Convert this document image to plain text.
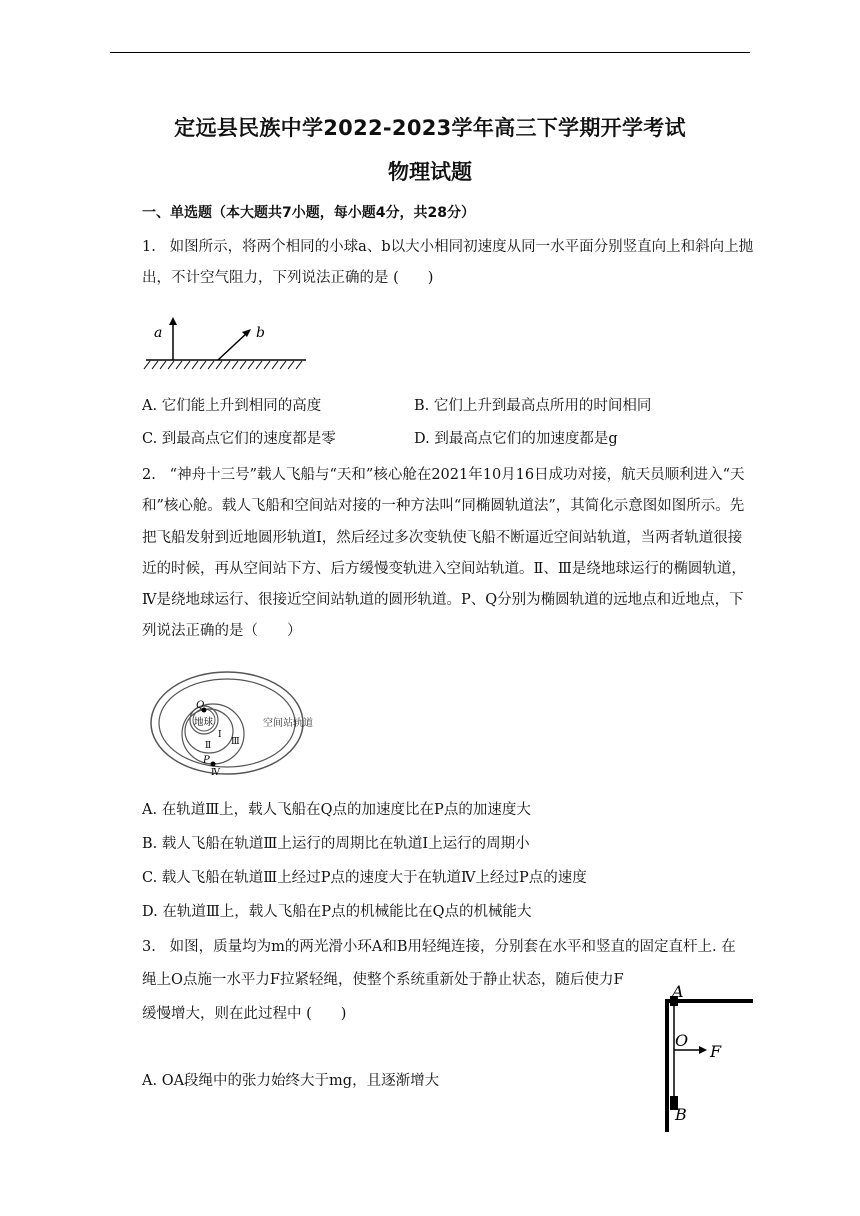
定远县民族中学2022-2023学年高三下学期开学考试
物理试题
一、单选题（本大题共7小题，每小题4分，共28分）
1. 如图所示，将两个相同的小球a、b以大小相同初速度从同一水平面分别竖直向上和斜向上抛出，不计空气阻力，下列说法正确的是 (　　)
a	b
A. 它们能上升到相同的高度	B. 它们上升到最高点所用的时间相同
C. 到最高点它们的速度都是零	D. 到最高点它们的加速度都是g
2. “神舟十三号”载人飞船与“天和”核心舱在2021年10月16日成功对接，航天员顺利进入“天和”核心舱。载人飞船和空间站对接的一种方法叫“同椭圆轨道法”，其简化示意图如图所示。先把飞船发射到近地圆形轨道Ⅰ，然后经过多次变轨使飞船不断逼近空间站轨道，当两者轨道很接近的时候，再从空间站下方、后方缓慢变轨进入空间站轨道。Ⅱ、Ⅲ是绕地球运行的椭圆轨道，Ⅳ是绕地球运行、很接近空间站轨道的圆形轨道。P、Q分别为椭圆轨道的远地点和近地点，下列说法正确的是（　　）
Q
地球
Ⅰ
Ⅱ Ⅲ
P
Ⅳ
空间站轨道
A. 在轨道Ⅲ上，载人飞船在Q点的加速度比在P点的加速度大
B. 载人飞船在轨道Ⅲ上运行的周期比在轨道Ⅰ上运行的周期小
C. 载人飞船在轨道Ⅲ上经过P点的速度大于在轨道Ⅳ上经过P点的速度
D. 在轨道Ⅲ上，载人飞船在P点的机械能比在Q点的机械能大
3. 如图，质量均为m的两光滑小环A和B用轻绳连接，分别套在水平和竖直的固定直杆上. 在
绳上O点施一水平力F拉紧轻绳，使整个系统重新处于静止状态，随后使力F
缓慢增大，则在此过程中 (　　)
A
O
F
B
A. OA段绳中的张力始终大于mg，且逐渐增大
